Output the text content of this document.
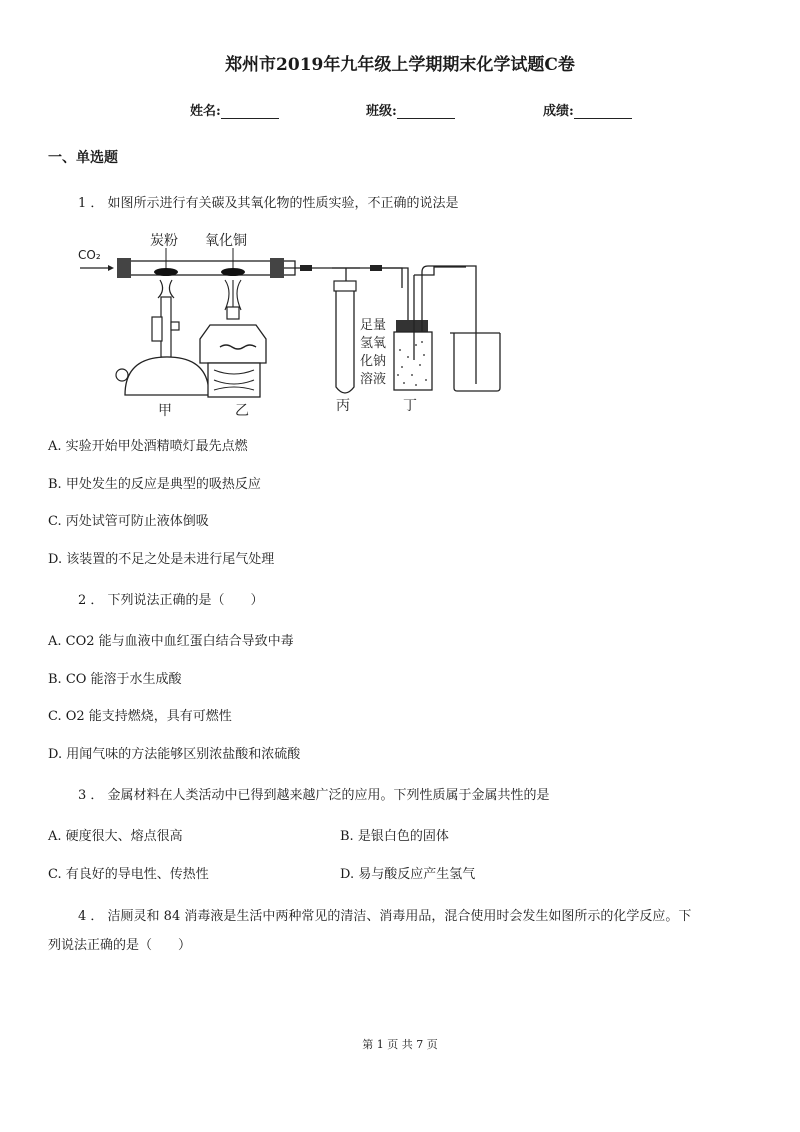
郑州市2019年九年级上学期期末化学试题C卷
姓名:	班级:	成绩:
一、单选题
1 ． 如图所示进行有关碳及其氧化物的性质实验，不正确的说法是
CO₂
炭粉 氧化铜
甲	乙	丙	丁
足量
氢氧
化钠
溶液
A. 实验开始甲处酒精喷灯最先点燃
B. 甲处发生的反应是典型的吸热反应
C. 丙处试管可防止液体倒吸
D. 该装置的不足之处是未进行尾气处理
2 ． 下列说法正确的是（　　）
A. CO2 能与血液中血红蛋白结合导致中毒
B. CO 能溶于水生成酸
C. O2 能支持燃烧，具有可燃性
D. 用闻气味的方法能够区别浓盐酸和浓硫酸
3 ． 金属材料在人类活动中已得到越来越广泛的应用。下列性质属于金属共性的是
A. 硬度很大、熔点很高	B. 是银白色的固体
C. 有良好的导电性、传热性	D. 易与酸反应产生氢气
4 ． 洁厕灵和 84 消毒液是生活中两种常见的清洁、消毒用品，混合使用时会发生如图所示的化学反应。下
列说法正确的是（　　）
第 1 页 共 7 页
